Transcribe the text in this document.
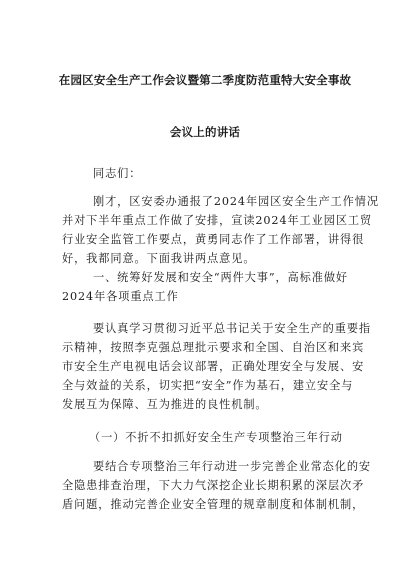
在园区安全生产工作会议暨第二季度防范重特大安全事故
会议上的讲话
同志们：
刚才，区安委办通报了2024年园区安全生产工作情况
并对下半年重点工作做了安排，宣读2024年工业园区工贸
行业安全监管工作要点，黄勇同志作了工作部署，讲得很
好，我都同意。下面我讲两点意见。
一、统筹好发展和安全“两件大事”，高标准做好
2024年各项重点工作
要认真学习贯彻习近平总书记关于安全生产的重要指
示精神，按照李克强总理批示要求和全国、自治区和来宾
市安全生产电视电话会议部署，正确处理安全与发展、安
全与效益的关系，切实把“安全”作为基石，建立安全与
发展互为保障、互为推进的良性机制。
（一）不折不扣抓好安全生产专项整治三年行动
要结合专项整治三年行动进一步完善企业常态化的安
全隐患排查治理，下大力气深挖企业长期积累的深层次矛
盾问题，推动完善企业安全管理的规章制度和体制机制，
